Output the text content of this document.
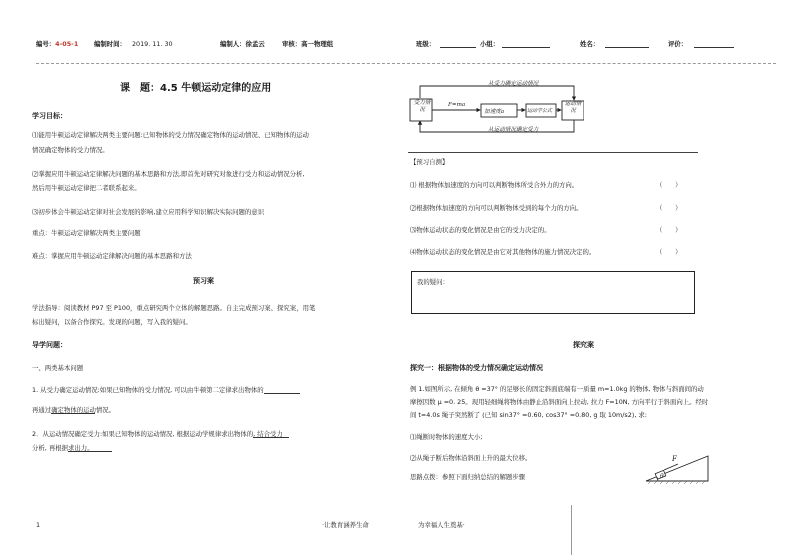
编号：4-05-1 编制时间： 2019. 11. 30	编制人：徐孟云	审核：高一物理组	班级：	小组：	姓名：	评价：
课　题：4.5 牛顿运动定律的应用
学习目标：
⑴能用牛顿运动定律解决两类主要问题:已知物体的受力情况确定物体的运动情况、已知物体的运动
情况确定物体的受力情况。
⑵掌握应用牛顿运动定律解决问题的基本思路和方法,即首先对研究对象进行受力和运动情况分析,
然后用牛顿运动定律把二者联系起来。
⑶初步体会牛顿运动定律对社会发展的影响,建立应用科学知识解决实际问题的意识
重点：牛顿运动定律解决两类主要问题
难点：掌握应用牛顿运动定律解决问题的基本思路和方法
预习案
学法指导：阅读教材 P97 至 P100，重点研究两个立体的解题思路。自主完成预习案、探究案，用笔
标出疑问，以备合作探究。发现的问题，写入我的疑问。
导学问题：
一、两类基本问题
1. 从受力确定运动情况:如果已知物体的受力情况, 可以由牛顿第二定律求出物体的
再通过
确定物体的运动情况。
2．从运动情况确定受力:如果已知物体的运动情况, 根据运动学规律求出物体的
, 结合受力
分析, 再根据
求出力。
从受力确定运动情况
从运动情况确定受力
受力情况
运动情况
F=ma
加速度a	运动学公式
【预习自测】
⑴ 根据物体加速度的方向可以判断物体所受合外力的方向。	（　　）
⑵根据物体加速度的方向可以判断物体受到的每个力的方向。	（　　）
⑶物体运动状态的变化情况是由它的受力决定的。	（　　）
⑷物体运动状态的变化情况是由它对其他物体的施力情况决定的。	（　　）
我的疑问：
探究案
探究一：根据物体的受力情况确定运动情况
例 1.如图所示, 在倾角 θ =37° 的足够长的固定斜面底端有一质量 m=1.0kg 的物体, 物体与斜面间的动
摩擦因数 μ =0. 25。现用轻细绳将物体由静止沿斜面向上拉动, 拉力 F=10N, 方向平行于斜面向上。经时
间 t=4.0s 绳子突然断了 (已知 sin37° =0.60, cos37° =0.80, g 取 10m/s2), 求:
⑴绳断时物体的速度大小;
⑵从绳子断后物体沿斜面上升的最大位移。
思路点拨：参照下面归纳总结的解题步骤
F
θ
1	·让教育涵养生命	为幸福人生奠基·
